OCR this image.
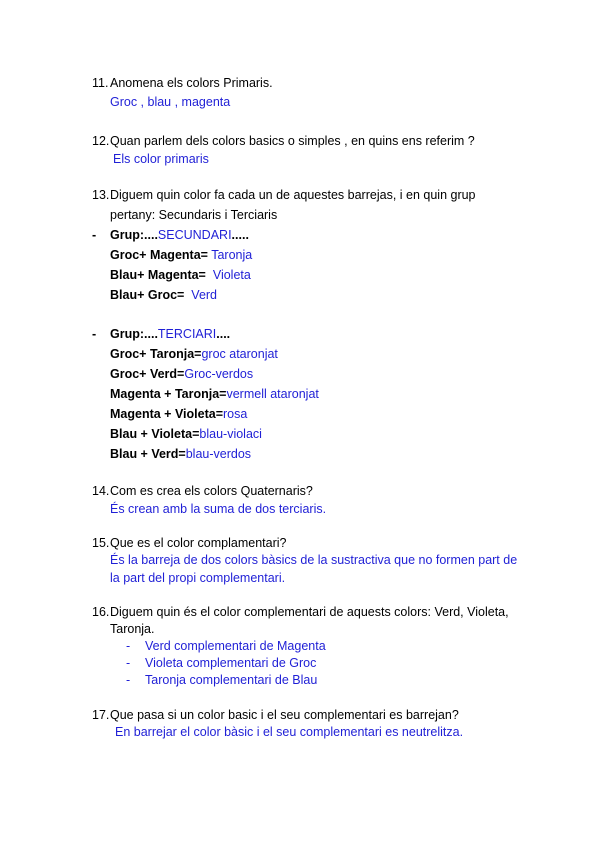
11. Anomena els colors Primaris.
Groc , blau , magenta
12.Quan parlem dels colors basics o simples , en quins ens referim ?
Els color primaris
13.Diguem quin color fa cada un de aquestes barrejas, i en quin grup
pertany: Secundaris i Terciaris
- Grup:....SECUNDARI.....
Groc+ Magenta= Taronja
Blau+ Magenta= Violeta
Blau+ Groc= Verd
- Grup:....TERCIARI....
Groc+ Taronja=groc ataronjat
Groc+ Verd=Groc-verdos
Magenta + Taronja=vermell ataronjat
Magenta + Violeta=rosa
Blau + Violeta=blau-violaci
Blau + Verd=blau-verdos
14.Com es crea els colors Quaternaris?
És crean amb la suma de dos terciaris.
15.Que es el color complamentari?
És la barreja de dos colors bàsics de la sustractiva que no formen part de
la part del propi complementari.
16.Diguem quin és el color complementari de aquests colors: Verd, Violeta,
Taronja.
- Verd complementari de Magenta
- Violeta complementari de Groc
- Taronja complementari de Blau
17.Que pasa si un color basic i el seu complementari es barrejan?
En barrejar el color bàsic i el seu complementari es neutrelitza.
